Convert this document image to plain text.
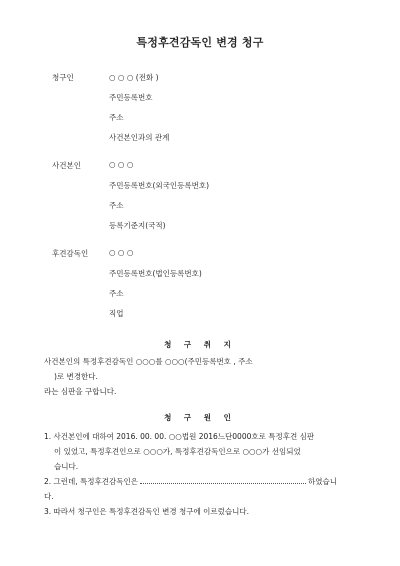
특정후견감독인 변경 청구
청구인	○ ○ ○ (전화 )
주민등록번호
주소
사건본인과의 관계
사건본인	○ ○ ○
주민등록번호(외국인등록번호)
주소
등록기준지(국적)
후견감독인	○ ○ ○
주민등록번호(법인등록번호)
주소
직업
청 구 취 지
사건본인의 특정후견감독인 ○○○를 ○○○(주민등록번호 , 주소
)로 변경한다.
라는 심판을 구합니다.
청 구 원 인
1. 사건본인에 대하여 2016. 00. 00. ○○법원 2016느단0000호로 특정후견 심판
이 있었고, 특정후견인으로 ○○○가, 특정후견감독인으로 ○○○가 선임되었
습니다.
2. 그런데, 특정후견감독인은	하였습니
다.
3. 따라서 청구인은 특정후견감독인 변경 청구에 이르렀습니다.
